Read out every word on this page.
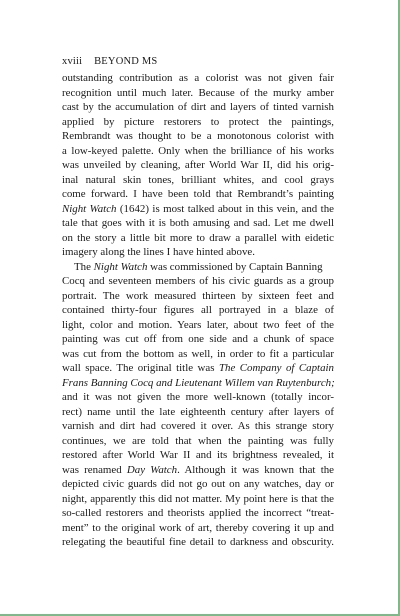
xviii BEYOND MS
outstanding contribution as a colorist was not given fair
recognition until much later. Because of the murky amber
cast by the accumulation of dirt and layers of tinted varnish
applied by picture restorers to protect the paintings,
Rembrandt was thought to be a monotonous colorist with
a low-keyed palette. Only when the brilliance of his works
was unveiled by cleaning, after World War II, did his orig-
inal natural skin tones, brilliant whites, and cool grays
come forward. I have been told that Rembrandt’s painting
Night Watch (1642) is most talked about in this vein, and the
tale that goes with it is both amusing and sad. Let me dwell
on the story a little bit more to draw a parallel with eidetic
imagery along the lines I have hinted above.
The Night Watch was commissioned by Captain Banning
Cocq and seventeen members of his civic guards as a group
portrait. The work measured thirteen by sixteen feet and
contained thirty-four figures all portrayed in a blaze of
light, color and motion. Years later, about two feet of the
painting was cut off from one side and a chunk of space
was cut from the bottom as well, in order to fit a particular
wall space. The original title was The Company of Captain
Frans Banning Cocq and Lieutenant Willem van Ruytenburch;
and it was not given the more well-known (totally incor-
rect) name until the late eighteenth century after layers of
varnish and dirt had covered it over. As this strange story
continues, we are told that when the painting was fully
restored after World War II and its brightness revealed, it
was renamed Day Watch. Although it was known that the
depicted civic guards did not go out on any watches, day or
night, apparently this did not matter. My point here is that the
so-called restorers and theorists applied the incorrect “treat-
ment” to the original work of art, thereby covering it up and
relegating the beautiful fine detail to darkness and obscurity.
